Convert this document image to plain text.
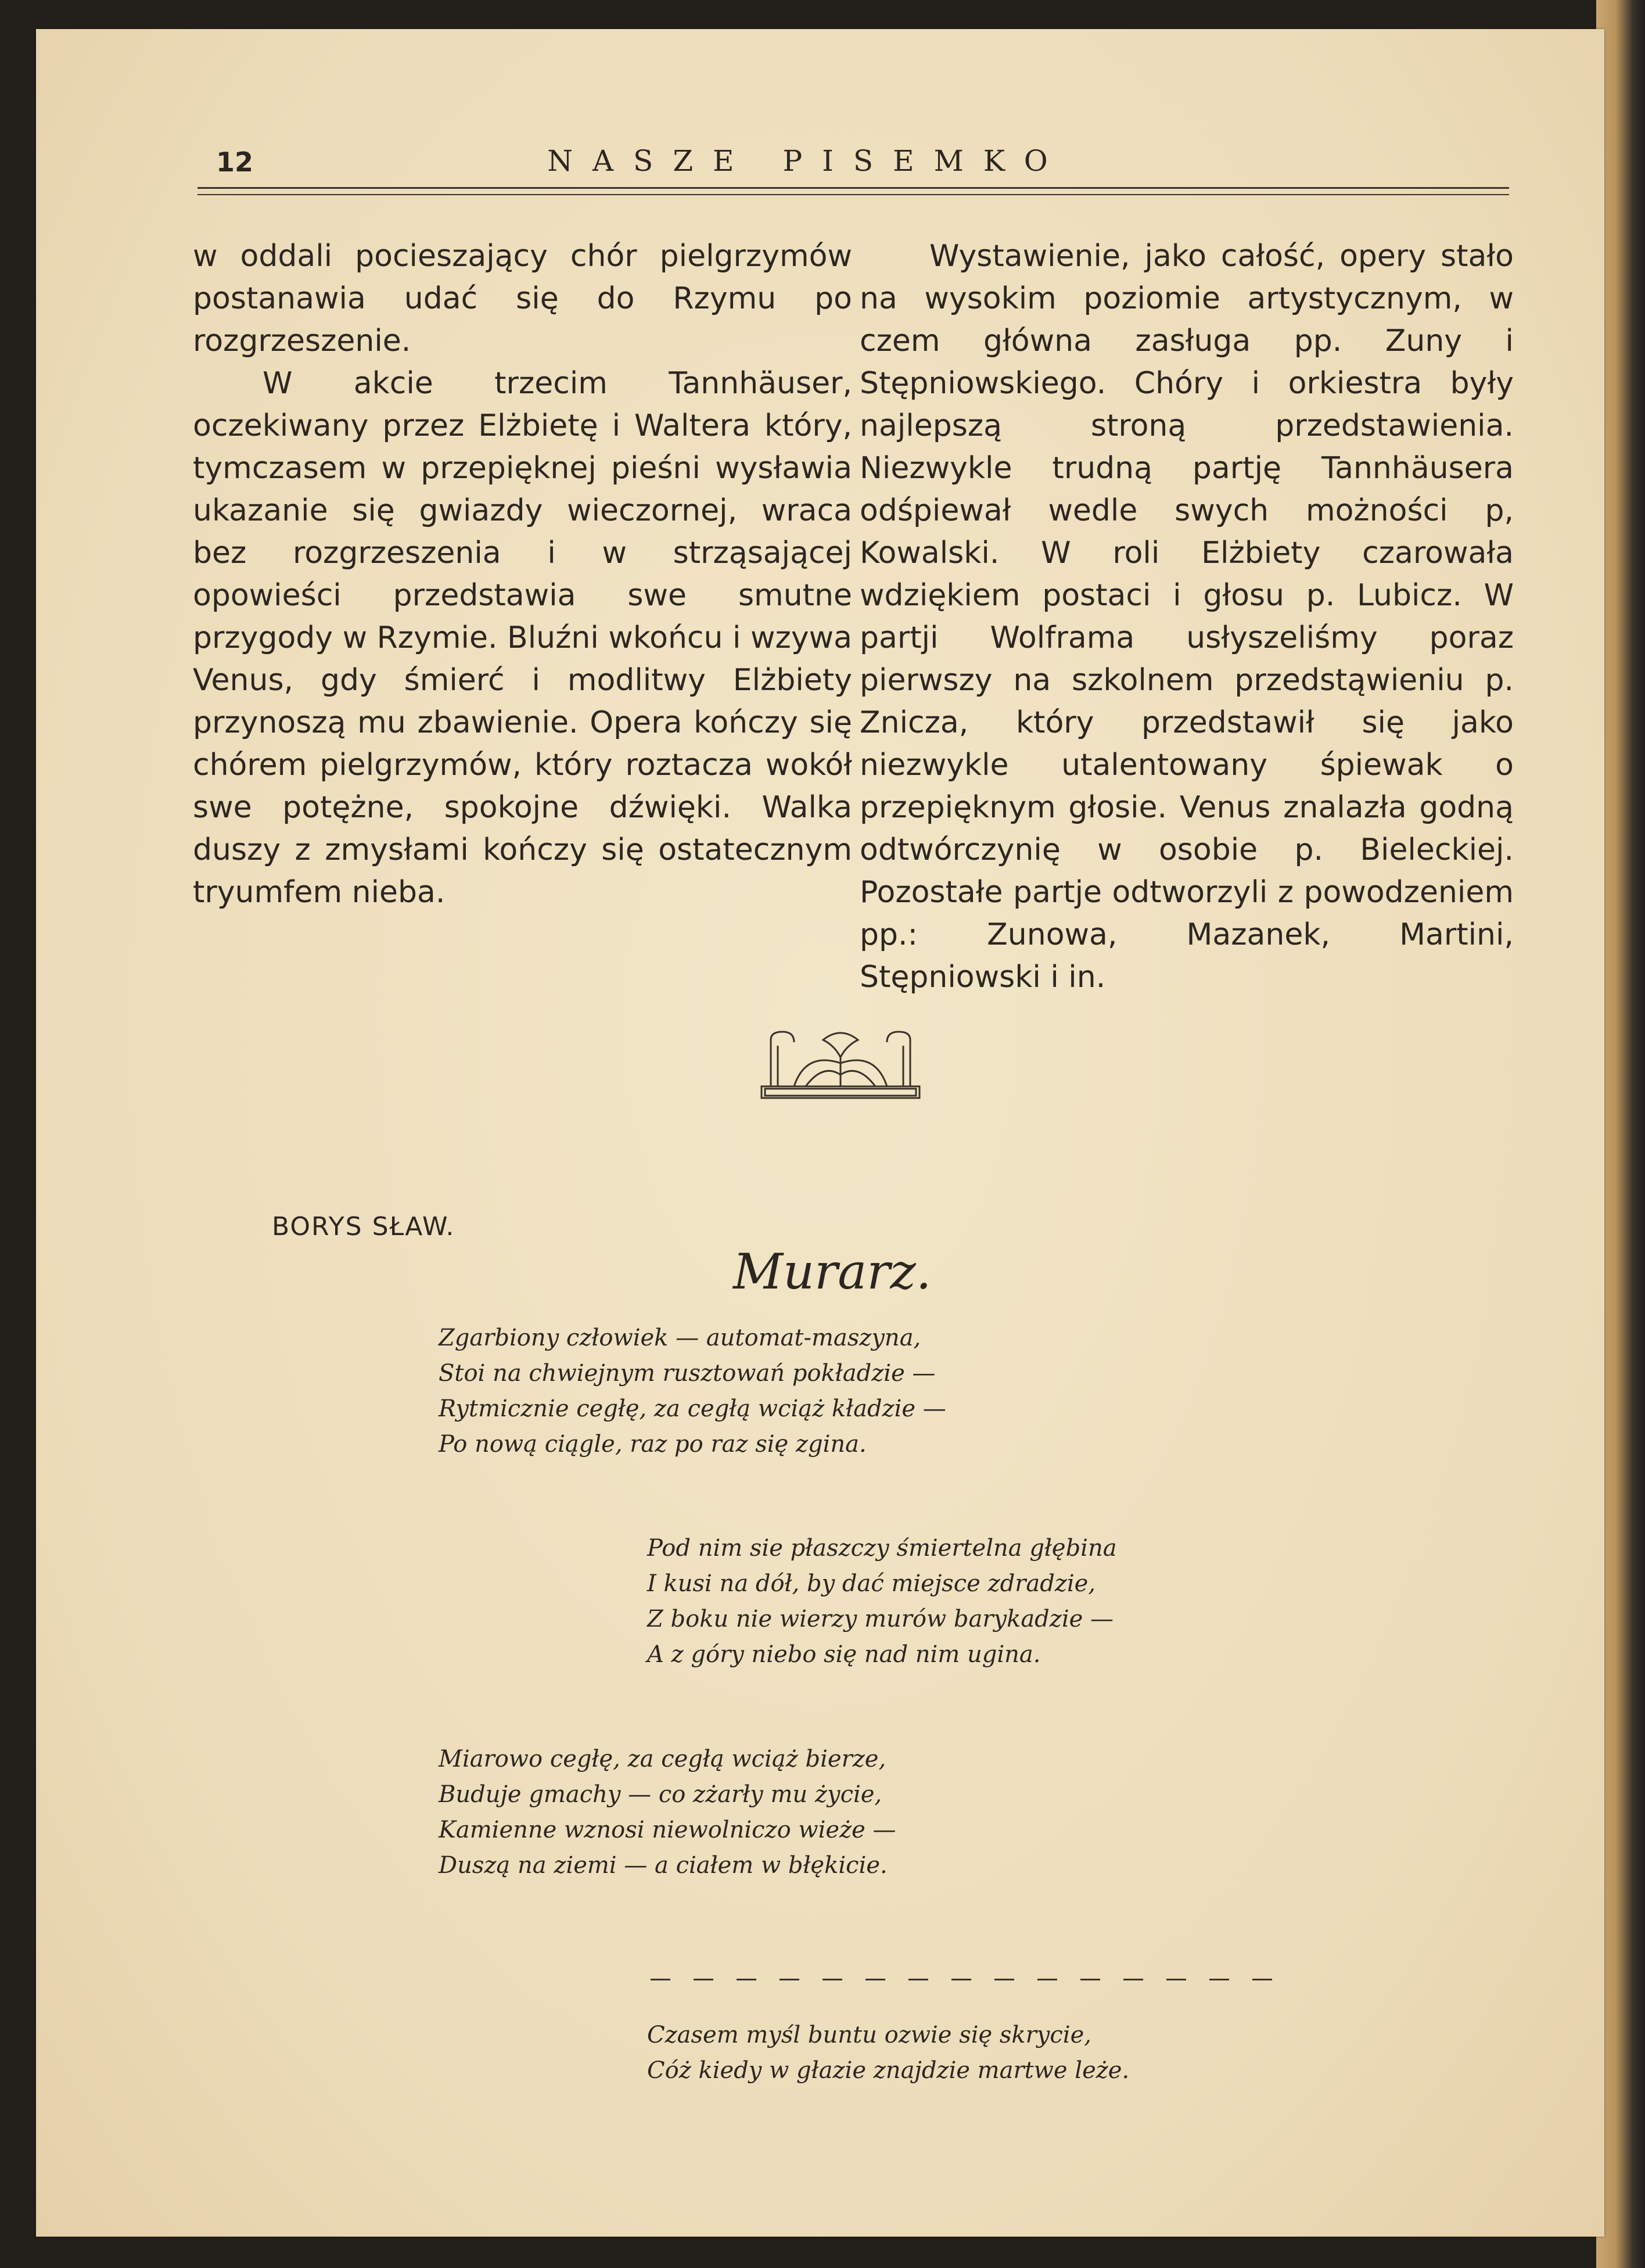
12	NASZE PISEMKO

w oddali pocieszający chór pielgrzymów postanawia udać się do Rzymu po rozgrzeszenie.

W akcie trzecim Tannhäuser, oczekiwany przez Elżbietę i Waltera który, tymczasem w przepięknej pieśni wysławia ukazanie się gwiazdy wieczornej, wraca bez rozgrzeszenia i w strząsającej opowieści przedstawia swe smutne przygody w Rzymie. Bluźni wkońcu i wzywa Venus, gdy śmierć i modlitwy Elżbiety przynoszą mu zbawienie. Opera kończy się chórem pielgrzymów, który roztacza wokół swe potężne, spokojne dźwięki. Walka duszy z zmysłami kończy się ostatecznym tryumfem nieba.

Wystawienie, jako całość, opery stało na wysokim poziomie artystycznym, w czem główna zasługa pp. Zuny i Stępniowskiego. Chóry i orkiestra były najlepszą stroną przedstawienia. Niezwykle trudną partję Tannhäusera odśpiewał wedle swych możności p, Kowalski. W roli Elżbiety czarowała wdziękiem postaci i głosu p. Lubicz. W partji Wolframa usłyszeliśmy poraz pierwszy na szkolnem przedstąwieniu p. Znicza, który przedstawił się jako niezwykle utalentowany śpiewak o przepięknym głosie. Venus znalazła godną odtwórczynię w osobie p. Bieleckiej. Pozostałe partje odtworzyli z powodzeniem pp.: Zunowa, Mazanek, Martini, Stępniowski i in.

BORYS SŁAW.
Murarz.
Zgarbiony człowiek — automat-maszyna,
Stoi na chwiejnym rusztowań pokładzie —
Rytmicznie cegłę, za cegłą wciąż kładzie —
Po nową ciągle, raz po raz się zgina.
Pod nim sie płaszczy śmiertelna głębina
I kusi na dół, by dać miejsce zdradzie,
Z boku nie wierzy murów barykadzie —
A z góry niebo się nad nim ugina.
Miarowo cegłę, za cegłą wciąż bierze,
Buduje gmachy — co zżarły mu życie,
Kamienne wznosi niewolniczo wieże —
Duszą na ziemi — a ciałem w błękicie.
Czasem myśl buntu ozwie się skrycie,
Cóż kiedy w głazie znajdzie martwe leże.
